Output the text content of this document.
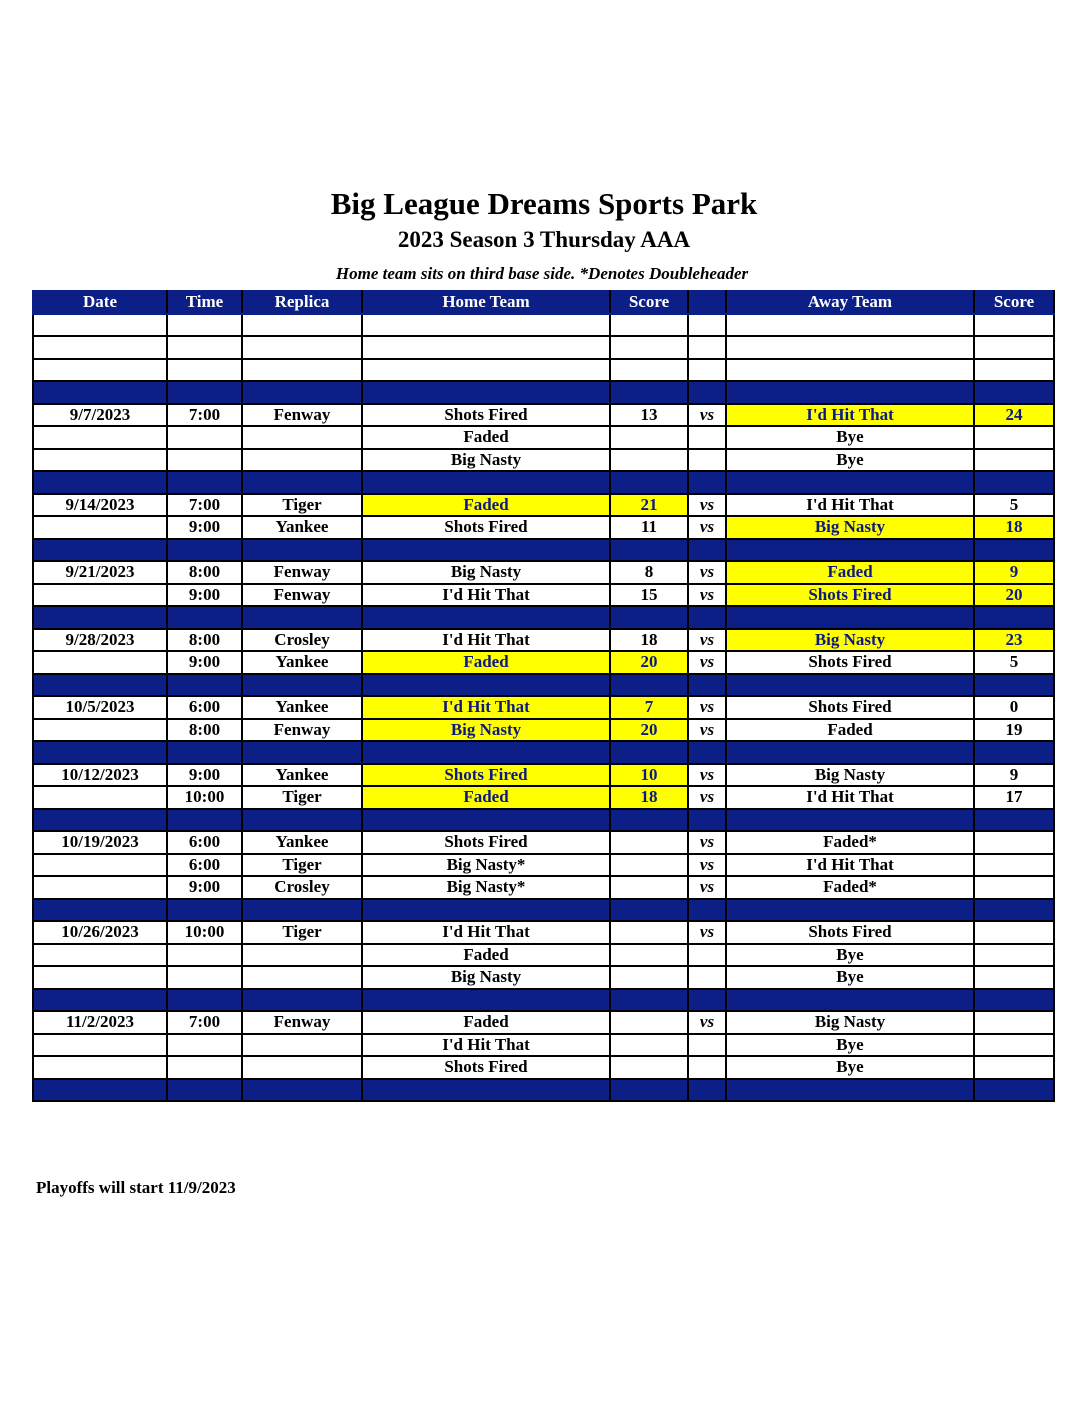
Big League Dreams Sports Park
2023 Season 3 Thursday AAA
Home team sits on third base side. *Denotes Doubleheader
Date	Time	Replica	Home Team	Score		Away Team	Score

9/7/2023	7:00	Fenway	Shots Fired	13	vs	I'd Hit That	24
			Faded			Bye	
			Big Nasty			Bye	

9/14/2023	7:00	Tiger	Faded	21	vs	I'd Hit That	5
	9:00	Yankee	Shots Fired	11	vs	Big Nasty	18

9/21/2023	8:00	Fenway	Big Nasty	8	vs	Faded	9
	9:00	Fenway	I'd Hit That	15	vs	Shots Fired	20

9/28/2023	8:00	Crosley	I'd Hit That	18	vs	Big Nasty	23
	9:00	Yankee	Faded	20	vs	Shots Fired	5

10/5/2023	6:00	Yankee	I'd Hit That	7	vs	Shots Fired	0
	8:00	Fenway	Big Nasty	20	vs	Faded	19

10/12/2023	9:00	Yankee	Shots Fired	10	vs	Big Nasty	9
	10:00	Tiger	Faded	18	vs	I'd Hit That	17

10/19/2023	6:00	Yankee	Shots Fired		vs	Faded*	
	6:00	Tiger	Big Nasty*		vs	I'd Hit That	
	9:00	Crosley	Big Nasty*		vs	Faded*	

10/26/2023	10:00	Tiger	I'd Hit That		vs	Shots Fired	
			Faded			Bye	
			Big Nasty			Bye	

11/2/2023	7:00	Fenway	Faded		vs	Big Nasty	
			I'd Hit That			Bye	
			Shots Fired			Bye	

Playoffs will start 11/9/2023
